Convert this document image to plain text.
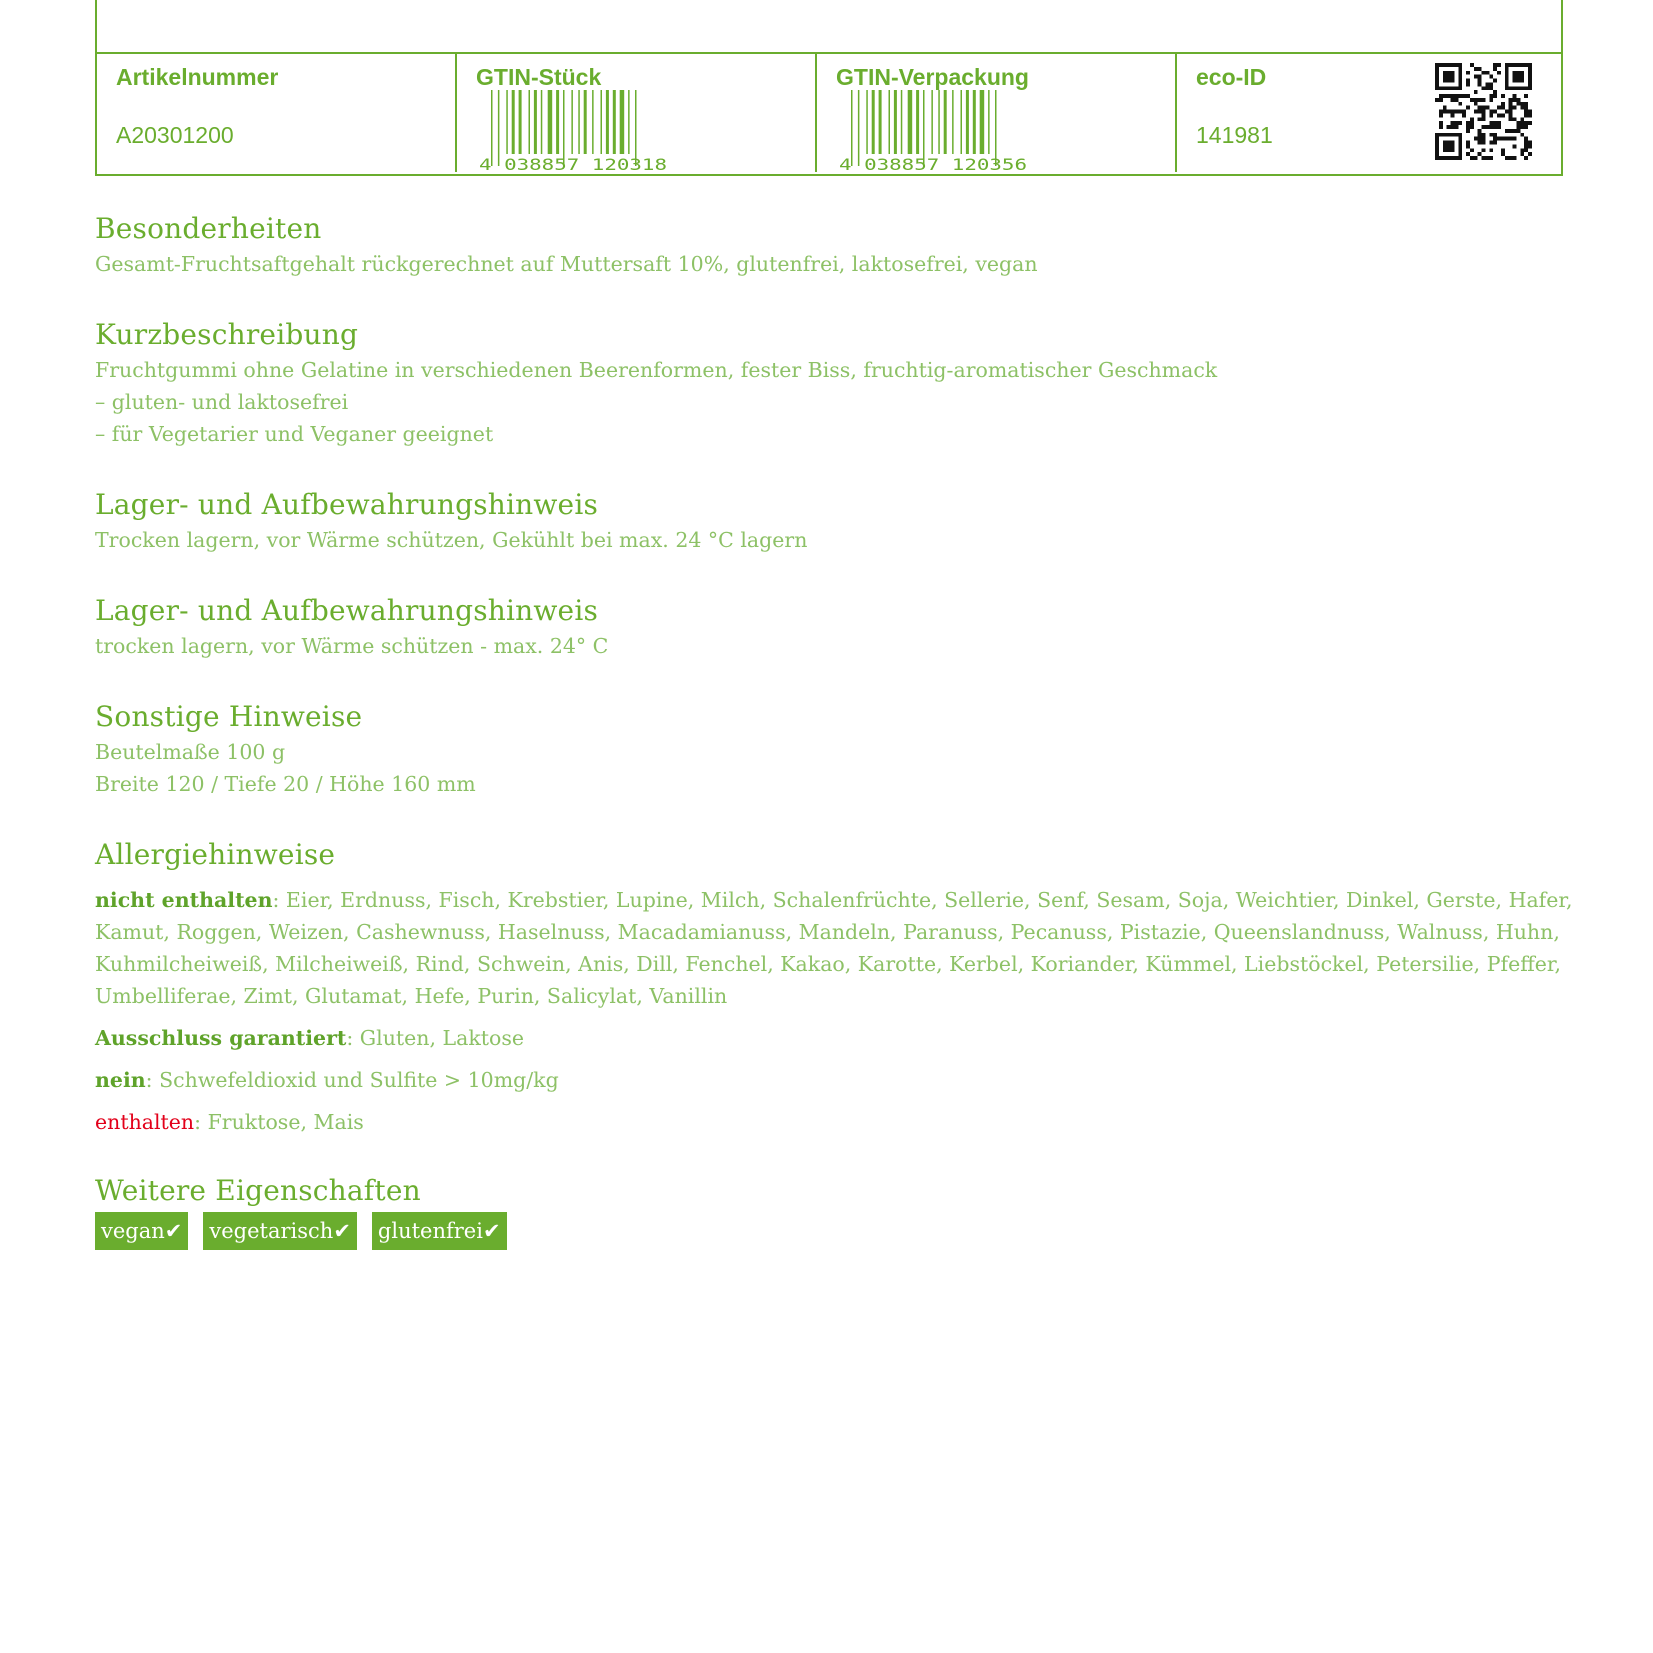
Artikelnummer
A20301200
GTIN-Stück
4 038857 120318
GTIN-Verpackung
4 038857 120356
eco-ID
141981
Besonderheiten
Gesamt-Fruchtsaftgehalt rückgerechnet auf Muttersaft 10%, glutenfrei, laktosefrei, vegan
Kurzbeschreibung
Fruchtgummi ohne Gelatine in verschiedenen Beerenformen, fester Biss, fruchtig-aromatischer Geschmack
– gluten- und laktosefrei
– für Vegetarier und Veganer geeignet
Lager- und Aufbewahrungshinweis
Trocken lagern, vor Wärme schützen, Gekühlt bei max. 24 °C lagern
Lager- und Aufbewahrungshinweis
trocken lagern, vor Wärme schützen - max. 24° C
Sonstige Hinweise
Beutelmaße 100 g
Breite 120 / Tiefe 20 / Höhe 160 mm
Allergiehinweise

nicht enthalten: Eier, Erdnuss, Fisch, Krebstier, Lupine, Milch, Schalenfrüchte, Sellerie, Senf, Sesam, Soja, Weichtier, Dinkel, Gerste, Hafer, Kamut, Roggen, Weizen, Cashewnuss, Haselnuss, Macadamianuss, Mandeln, Paranuss, Pecanuss, Pistazie, Queenslandnuss, Walnuss, Huhn, Kuhmilcheiweiß, Milcheiweiß, Rind, Schwein, Anis, Dill, Fenchel, Kakao, Karotte, Kerbel, Koriander, Kümmel, Liebstöckel, Petersilie, Pfeffer, Umbelliferae, Zimt, Glutamat, Hefe, Purin, Salicylat, Vanillin

Ausschluss garantiert: Gluten, Laktose

nein: Schwefeldioxid und Sulfite > 10mg/kg

enthalten: Fruktose, Mais

Weitere Eigenschaften
vegan✔ vegetarisch✔ glutenfrei✔
